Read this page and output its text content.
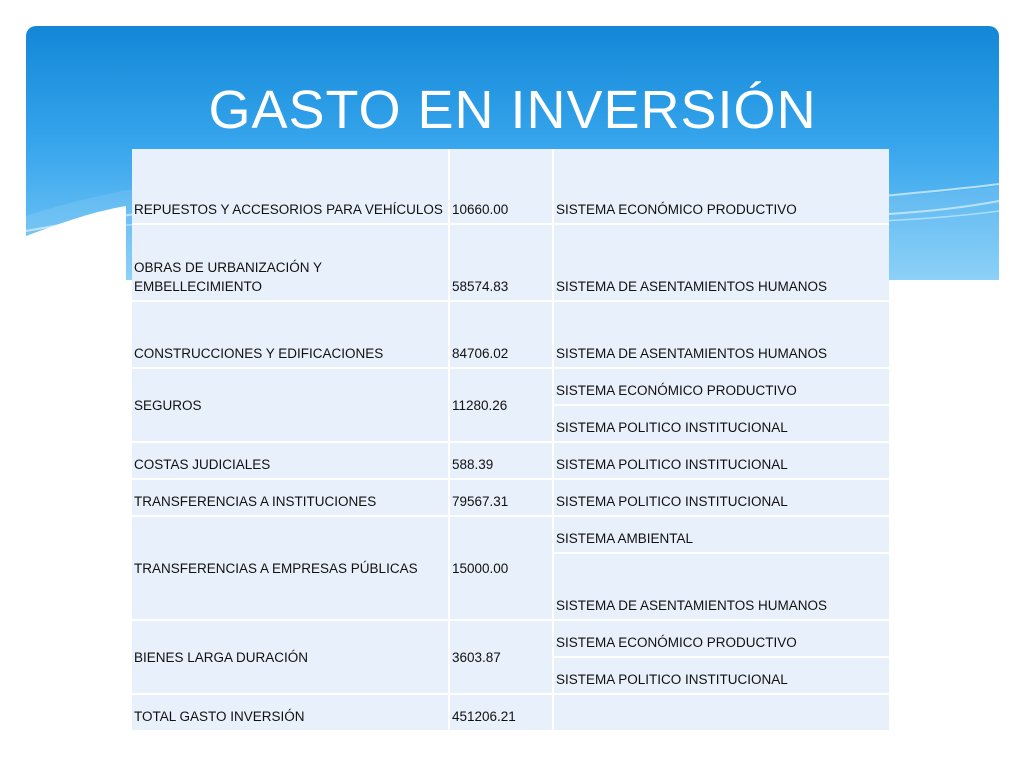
GASTO EN INVERSIÓN
REPUESTOS Y ACCESORIOS PARA VEHÍCULOS	10660.00	SISTEMA ECONÓMICO PRODUCTIVO
OBRAS DE URBANIZACIÓN Y EMBELLECIMIENTO	58574.83	SISTEMA DE ASENTAMIENTOS HUMANOS
CONSTRUCCIONES Y EDIFICACIONES	84706.02	SISTEMA DE ASENTAMIENTOS HUMANOS
SEGUROS	11280.26	SISTEMA ECONÓMICO PRODUCTIVO
		SISTEMA POLITICO INSTITUCIONAL
COSTAS JUDICIALES	588.39	SISTEMA POLITICO INSTITUCIONAL
TRANSFERENCIAS A INSTITUCIONES	79567.31	SISTEMA POLITICO INSTITUCIONAL
TRANSFERENCIAS A EMPRESAS PÚBLICAS	15000.00	SISTEMA AMBIENTAL
		SISTEMA DE ASENTAMIENTOS HUMANOS
BIENES LARGA DURACIÓN	3603.87	SISTEMA ECONÓMICO PRODUCTIVO
		SISTEMA POLITICO INSTITUCIONAL
TOTAL GASTO INVERSIÓN	451206.21	
